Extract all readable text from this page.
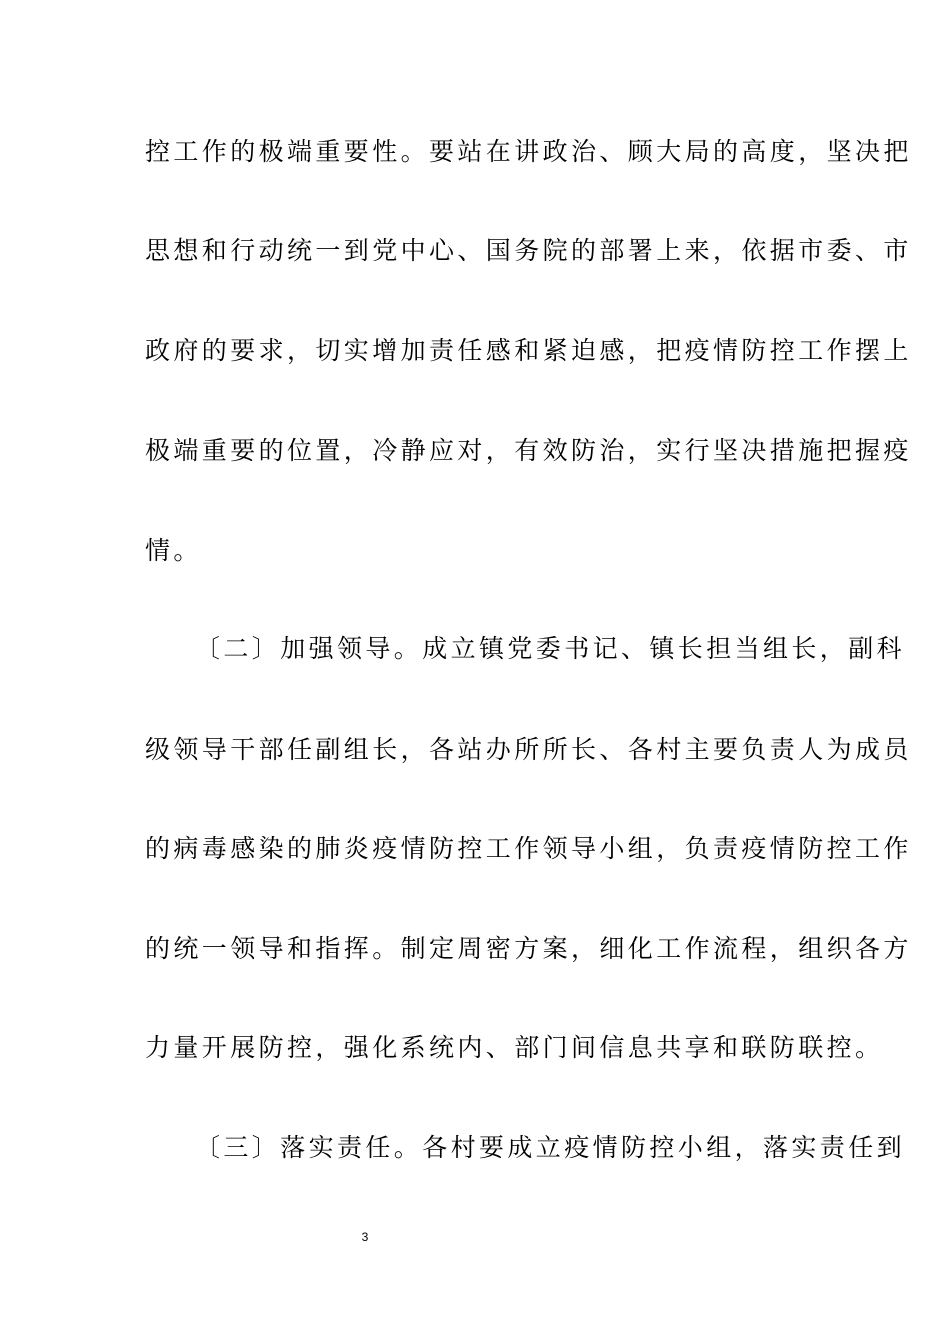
控工作的极端重要性。要站在讲政治、顾大局的高度，坚决把
思想和行动统一到党中心、国务院的部署上来，依据市委、市
政府的要求，切实增加责任感和紧迫感，把疫情防控工作摆上
极端重要的位置，冷静应对，有效防治，实行坚决措施把握疫
情。
〔二〕加强领导。成立镇党委书记、镇长担当组长，副科
级领导干部任副组长，各站办所所长、各村主要负责人为成员
的病毒感染的肺炎疫情防控工作领导小组，负责疫情防控工作
的统一领导和指挥。制定周密方案，细化工作流程，组织各方
力量开展防控，强化系统内、部门间信息共享和联防联控。
〔三〕落实责任。各村要成立疫情防控小组，落实责任到
3
